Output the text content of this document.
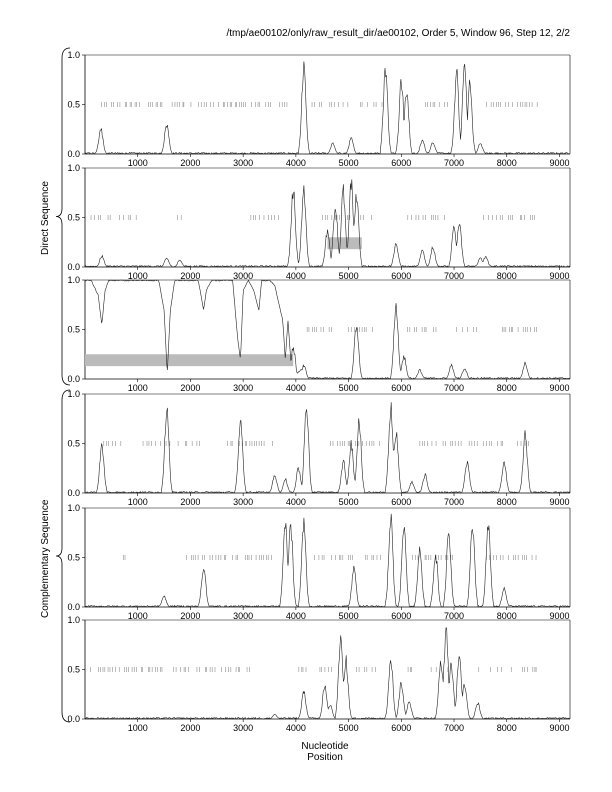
/tmp/ae00102/only/raw_result_dir/ae00102, Order 5, Window 96, Step 12, 2/2
Direct Sequence
Complementary Sequence
Nucleotide Position
0.0
0.5
1.0
1000	2000	3000	4000	5000	6000	7000	8000	9000
0.0
0.5
1.0
1000	2000	3000	4000	5000	6000	7000	8000	9000
0.0
0.5
1.0
1000	2000	3000	4000	5000	6000	7000	8000	9000
0.0
0.5
1.0
1000	2000	3000	4000	5000	6000	7000	8000	9000
0.0
0.5
1.0
1000	2000	3000	4000	5000	6000	7000	8000	9000
0.0
0.5
1.0
1000	2000	3000	4000	5000	6000	7000	8000	9000
